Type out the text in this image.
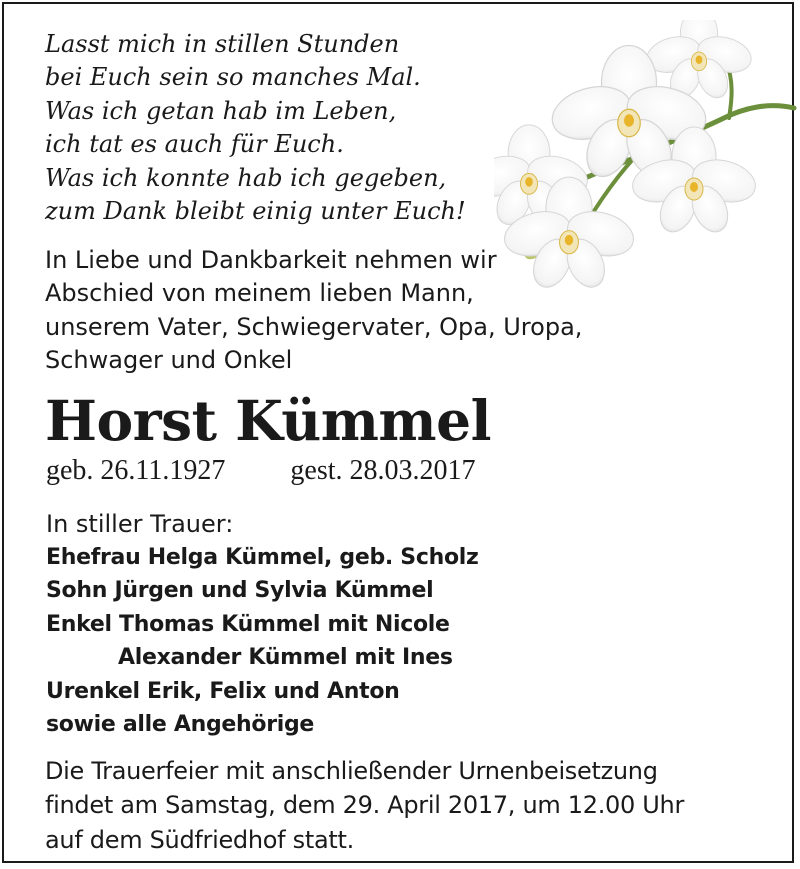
Lasst mich in stillen Stunden
bei Euch sein so manches Mal.
Was ich getan hab im Leben,
ich tat es auch für Euch.
Was ich konnte hab ich gegeben,
zum Dank bleibt einig unter Euch!
In Liebe und Dankbarkeit nehmen wir
Abschied von meinem lieben Mann,
unserem Vater, Schwiegervater, Opa, Uropa,
Schwager und Onkel
Horst Kümmel
geb. 26.11.1927 gest. 28.03.2017
In stiller Trauer:
Ehefrau Helga Kümmel, geb. Scholz
Sohn Jürgen und Sylvia Kümmel
Enkel Thomas Kümmel mit Nicole
Alexander Kümmel mit Ines
Urenkel Erik, Felix und Anton
sowie alle Angehörige
Die Trauerfeier mit anschließender Urnenbeisetzung
findet am Samstag, dem 29. April 2017, um 12.00 Uhr
auf dem Südfriedhof statt.
